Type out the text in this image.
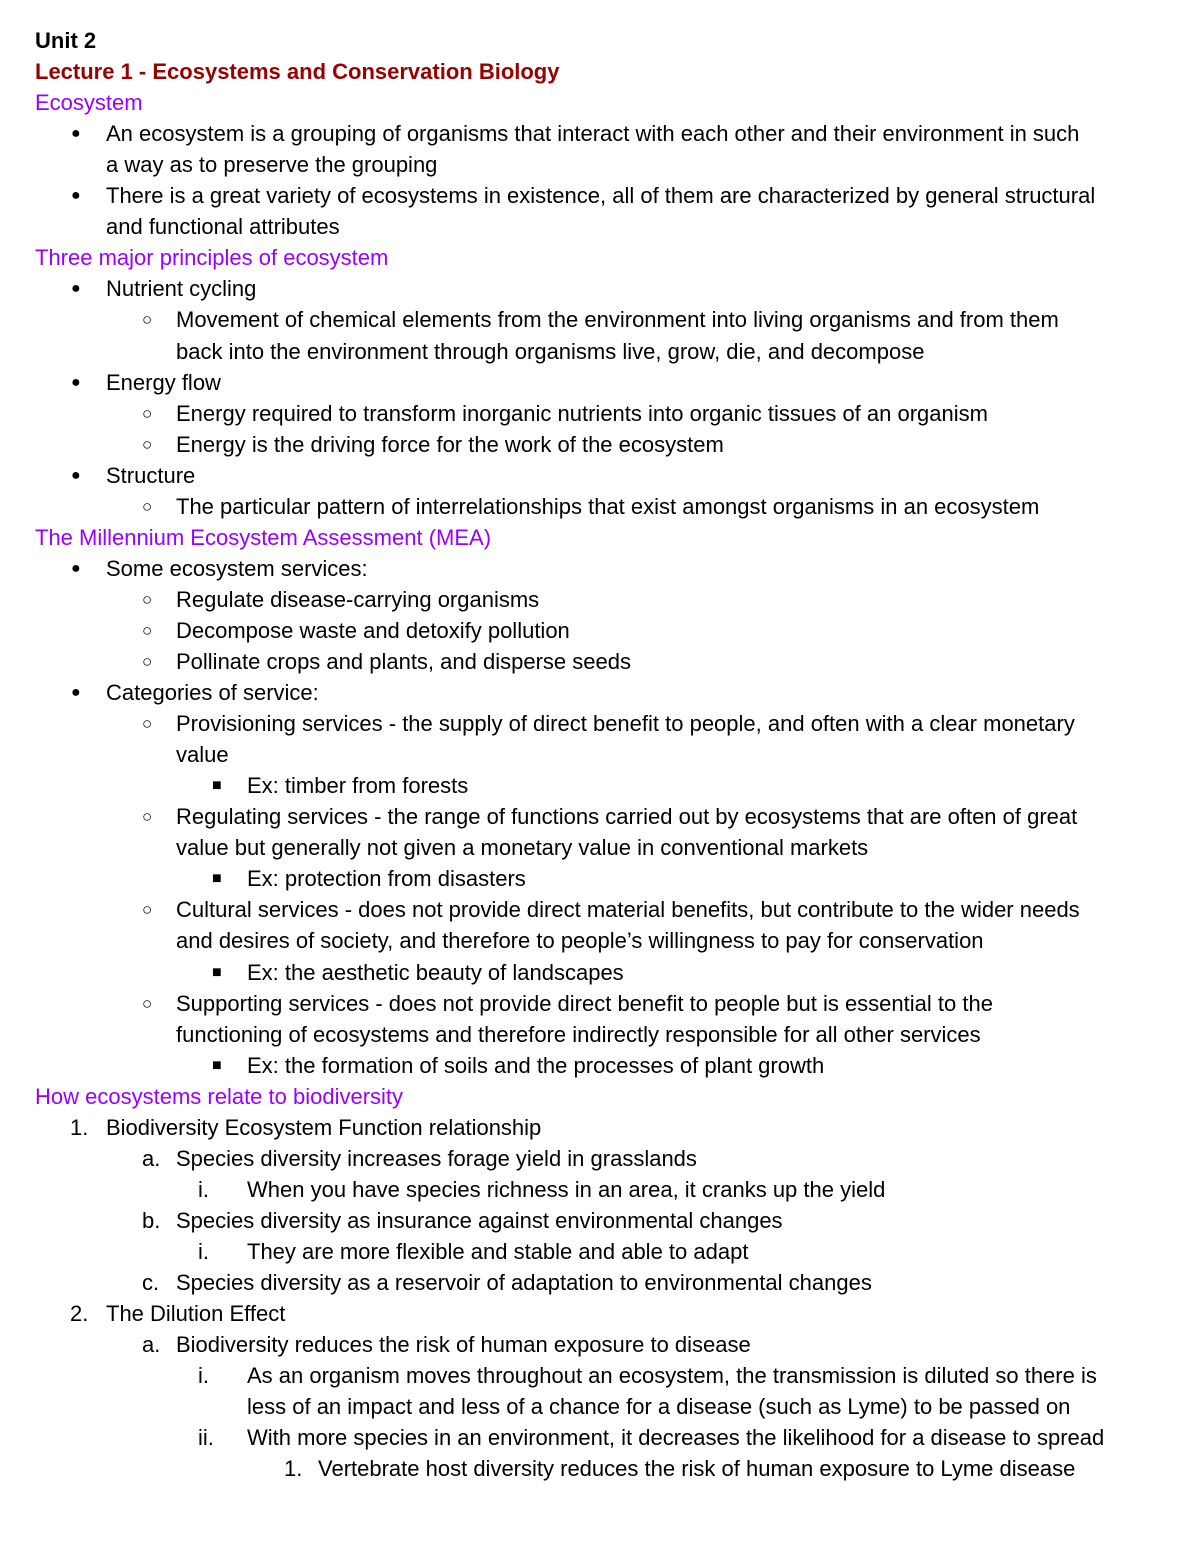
Unit 2
Lecture 1 - Ecosystems and Conservation Biology
Ecosystem
● An ecosystem is a grouping of organisms that interact with each other and their environment in such
a way as to preserve the grouping
● There is a great variety of ecosystems in existence, all of them are characterized by general structural
and functional attributes
Three major principles of ecosystem
● Nutrient cycling
○ Movement of chemical elements from the environment into living organisms and from them
back into the environment through organisms live, grow, die, and decompose
● Energy flow
○ Energy required to transform inorganic nutrients into organic tissues of an organism
○ Energy is the driving force for the work of the ecosystem
● Structure
○ The particular pattern of interrelationships that exist amongst organisms in an ecosystem
The Millennium Ecosystem Assessment (MEA)
● Some ecosystem services:
○ Regulate disease-carrying organisms
○ Decompose waste and detoxify pollution
○ Pollinate crops and plants, and disperse seeds
● Categories of service:
○ Provisioning services - the supply of direct benefit to people, and often with a clear monetary
value
■ Ex: timber from forests
○ Regulating services - the range of functions carried out by ecosystems that are often of great
value but generally not given a monetary value in conventional markets
■ Ex: protection from disasters
○ Cultural services - does not provide direct material benefits, but contribute to the wider needs
and desires of society, and therefore to people’s willingness to pay for conservation
■ Ex: the aesthetic beauty of landscapes
○ Supporting services - does not provide direct benefit to people but is essential to the
functioning of ecosystems and therefore indirectly responsible for all other services
■ Ex: the formation of soils and the processes of plant growth
How ecosystems relate to biodiversity
1. Biodiversity Ecosystem Function relationship
a. Species diversity increases forage yield in grasslands
i. When you have species richness in an area, it cranks up the yield
b. Species diversity as insurance against environmental changes
i. They are more flexible and stable and able to adapt
c. Species diversity as a reservoir of adaptation to environmental changes
2. The Dilution Effect
a. Biodiversity reduces the risk of human exposure to disease
i. As an organism moves throughout an ecosystem, the transmission is diluted so there is
less of an impact and less of a chance for a disease (such as Lyme) to be passed on
ii. With more species in an environment, it decreases the likelihood for a disease to spread
1. Vertebrate host diversity reduces the risk of human exposure to Lyme disease
